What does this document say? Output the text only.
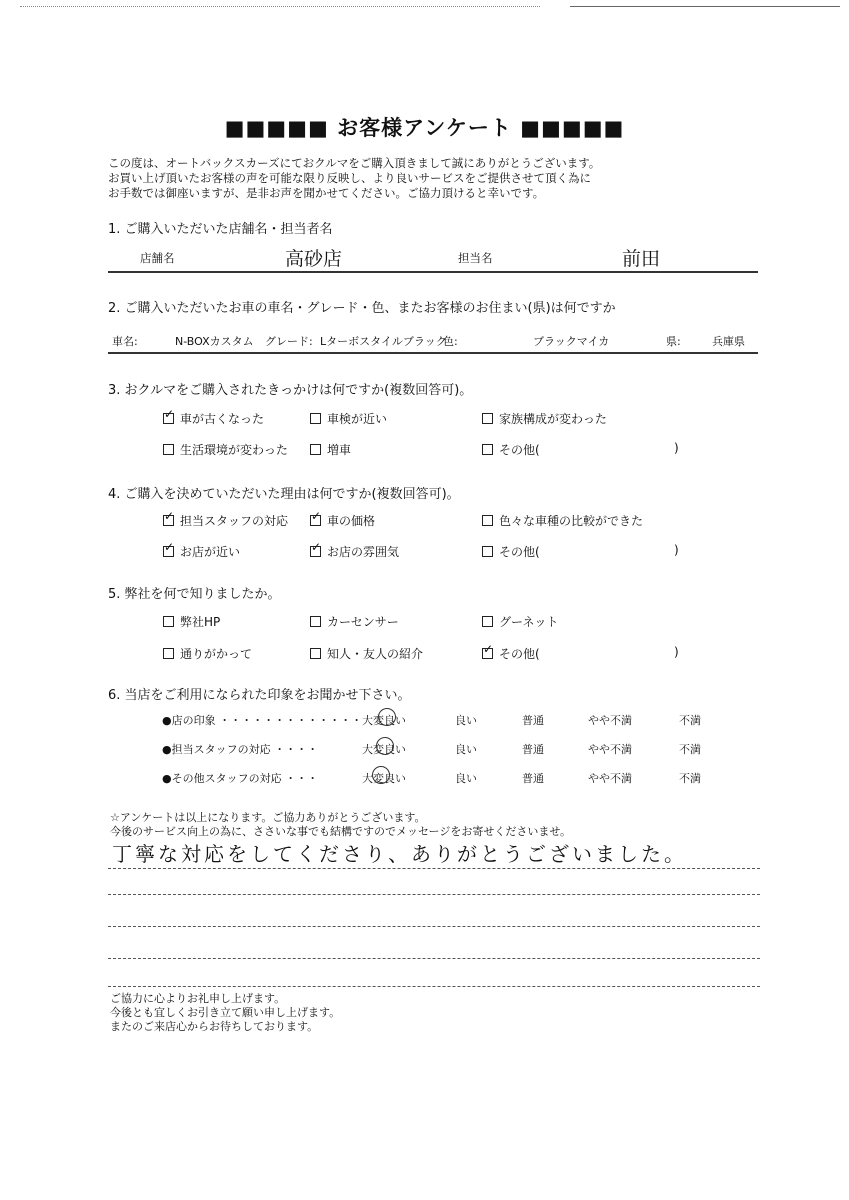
■■■■■ お客様アンケート ■■■■■
この度は、オートバックスカーズにておクルマをご購入頂きまして誠にありがとうございます。
お買い上げ頂いたお客様の声を可能な限り反映し、より良いサービスをご提供させて頂く為に
お手数では御座いますが、是非お声を聞かせてください。ご協力頂けると幸いです。
1. ご購入いただいた店舗名・担当者名
店舗名	高砂店	担当名	前田
2. ご購入いただいたお車の車名・グレード・色、またお客様のお住まい(県)は何ですか
車名:	N-BOXカスタム グレード: Lターボスタイルブラック
色:	ブラックマイカ	県:	兵庫県
3. おクルマをご購入されたきっかけは何ですか(複数回答可)。
✓車が古くなった	車検が近い	家族構成が変わった
生活環境が変わった	増車	その他(	)
4. ご購入を決めていただいた理由は何ですか(複数回答可)。
✓担当スタッフの対応 ✓	車の価格	色々な車種の比較ができた
✓お店が近い ✓	お店の雰囲気	その他(	)
5. 弊社を何で知りましたか。
弊社HP	カーセンサー	グーネット
通りがかって	知人・友人の紹介 ✓	その他(	)
6. 当店をご利用になられた印象をお聞かせ下さい。
●店の印象 ・・・・・・・・・・・・・ 大変良い	良い	普通	やや不満	不満
●担当スタッフの対応 ・・・・	大変良い	良い	普通	やや不満	不満
●その他スタッフの対応 ・・・	大変良い	良い	普通	やや不満	不満
☆アンケートは以上になります。ご協力ありがとうございます。
今後のサービス向上の為に、ささいな事でも結構ですのでメッセージをお寄せくださいませ。
丁寧な対応をしてくださり、ありがとうございました。
ご協力に心よりお礼申し上げます。
今後とも宜しくお引き立て願い申し上げます。
またのご来店心からお待ちしております。
